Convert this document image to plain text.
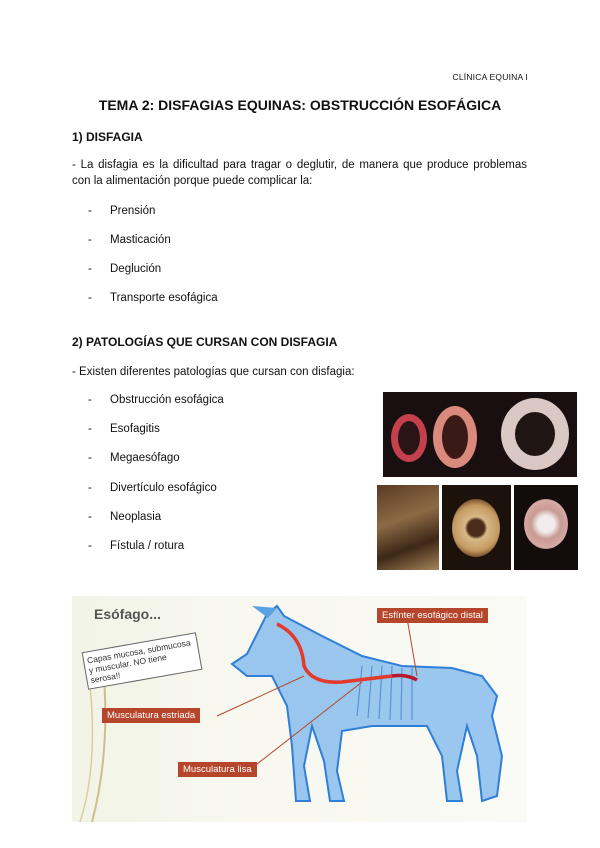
CLÍNICA EQUINA I
TEMA 2: DISFAGIAS EQUINAS: OBSTRUCCIÓN ESOFÁGICA
1) DISFAGIA
- La disfagia es la dificultad para tragar o deglutir, de manera que produce problemas con la alimentación porque puede complicar la:
- Prensión
- Masticación
- Deglución
- Transporte esofágica
2) PATOLOGÍAS QUE CURSAN CON DISFAGIA
- Existen diferentes patologías que cursan con disfagia:
- Obstrucción esofágica
- Esofagitis
- Megaesófago
- Divertículo esofágico
- Neoplasia
- Fístula / rotura
Esófago...
Capas mucosa, submucosa y muscular. NO tiene serosa!!
Esfínter esofágico distal
Musculatura estriada
Musculatura lisa
